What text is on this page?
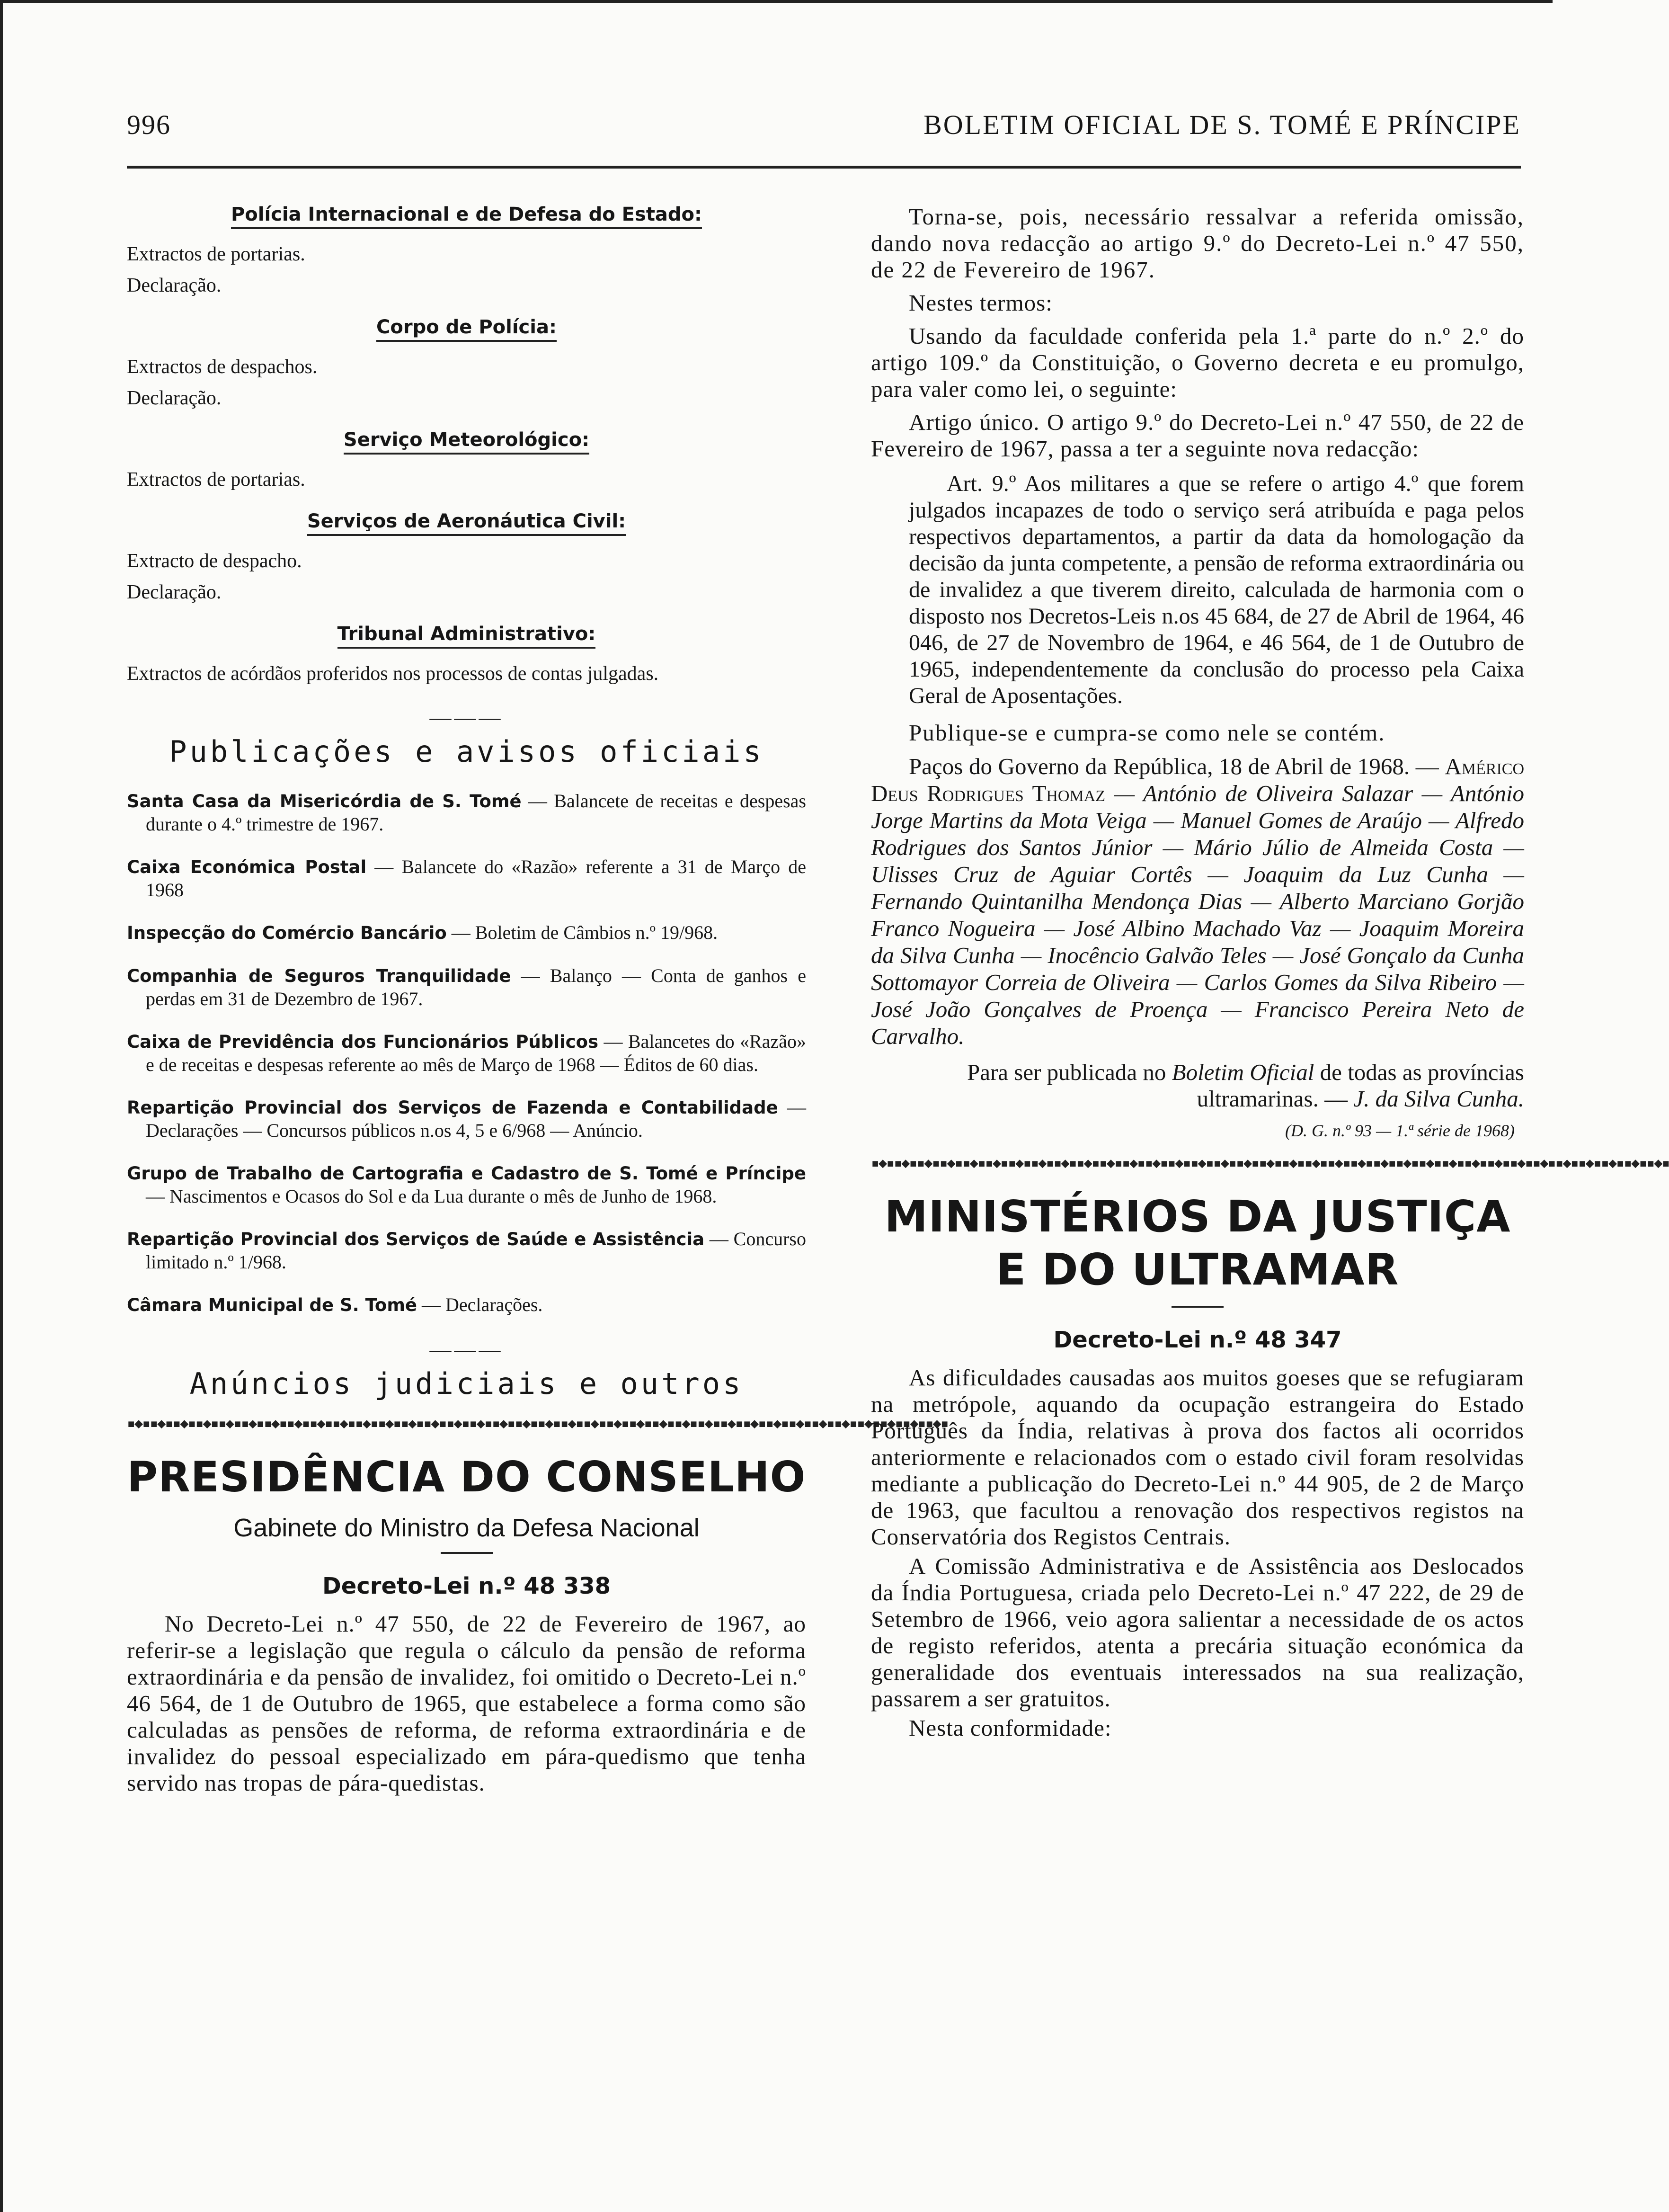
996	BOLETIM OFICIAL DE S. TOMÉ E PRÍNCIPE
Polícia Internacional e de Defesa do Estado:
Extractos de portarias.
Declaração.
Corpo de Polícia:
Extractos de despachos.
Declaração.
Serviço Meteorológico:
Extractos de portarias.
Serviços de Aeronáutica Civil:
Extracto de despacho.
Declaração.
Tribunal Administrativo:
Extractos de acórdãos proferidos nos processos de contas julgadas.
———
Publicações e avisos oficiais
Santa Casa da Misericórdia de S. Tomé — Balancete de receitas e despesas durante o 4.º trimestre de 1967.
Caixa Económica Postal — Balancete do «Razão» referente a 31 de Março de 1968
Inspecção do Comércio Bancário — Boletim de Câmbios n.º 19/968.
Companhia de Seguros Tranquilidade — Balanço — Conta de ganhos e perdas em 31 de Dezembro de 1967.
Caixa de Previdência dos Funcionários Públicos — Balancetes do «Razão» e de receitas e despesas referente ao mês de Março de 1968 — Éditos de 60 dias.
Repartição Provincial dos Serviços de Fazenda e Contabilidade — Declarações — Concursos públicos n.os 4, 5 e 6/968 — Anúncio.
Grupo de Trabalho de Cartografia e Cadastro de S. Tomé e Príncipe — Nascimentos e Ocasos do Sol e da Lua durante o mês de Junho de 1968.
Repartição Provincial dos Serviços de Saúde e Assistência — Concurso limitado n.º 1/968.
Câmara Municipal de S. Tomé — Declarações.
———
Anúncios judiciais e outros
▪◆▪▪◆▪▪◆▪▪◆▪▪◆▪▪◆▪▪◆▪▪◆▪▪◆▪▪◆▪▪◆▪▪◆▪▪◆▪▪◆▪▪◆▪▪◆▪▪◆▪▪◆▪▪◆▪▪◆▪▪◆▪▪◆▪▪◆▪▪◆▪▪◆▪▪◆▪▪◆▪▪◆▪▪◆▪▪◆▪▪◆▪▪◆▪▪◆▪▪◆▪▪◆▪▪◆▪
PRESIDÊNCIA DO CONSELHO
Gabinete do Ministro da Defesa Nacional
Decreto-Lei n.º 48 338
No Decreto-Lei n.º 47 550, de 22 de Fevereiro de 1967, ao referir-se a legislação que regula o cálculo da pensão de reforma extraordinária e da pensão de invalidez, foi omitido o Decreto-Lei n.º 46 564, de 1 de Outubro de 1965, que estabelece a forma como são calculadas as pensões de reforma, de reforma extraordinária e de invalidez do pessoal especializado em pára-quedismo que tenha servido nas tropas de pára-quedistas.
Torna-se, pois, necessário ressalvar a referida omissão, dando nova redacção ao artigo 9.º do Decreto-Lei n.º 47 550, de 22 de Fevereiro de 1967.
Nestes termos:
Usando da faculdade conferida pela 1.ª parte do n.º 2.º do artigo 109.º da Constituição, o Governo decreta e eu promulgo, para valer como lei, o seguinte:
Artigo único. O artigo 9.º do Decreto-Lei n.º 47 550, de 22 de Fevereiro de 1967, passa a ter a seguinte nova redacção:
Art. 9.º Aos militares a que se refere o artigo 4.º que forem julgados incapazes de todo o serviço será atribuída e paga pelos respectivos departamentos, a partir da data da homologação da decisão da junta competente, a pensão de reforma extraordinária ou de invalidez a que tiverem direito, calculada de harmonia com o disposto nos Decretos-Leis n.os 45 684, de 27 de Abril de 1964, 46 046, de 27 de Novembro de 1964, e 46 564, de 1 de Outubro de 1965, independentemente da conclusão do processo pela Caixa Geral de Aposentações.
Publique-se e cumpra-se como nele se contém.
Paços do Governo da República, 18 de Abril de 1968. — Américo Deus Rodrigues Thomaz — António de Oliveira Salazar — António Jorge Martins da Mota Veiga — Manuel Gomes de Araújo — Alfredo Rodrigues dos Santos Júnior — Mário Júlio de Almeida Costa — Ulisses Cruz de Aguiar Cortês — Joaquim da Luz Cunha — Fernando Quintanilha Mendonça Dias — Alberto Marciano Gorjão Franco Nogueira — José Albino Machado Vaz — Joaquim Moreira da Silva Cunha — Inocêncio Galvão Teles — José Gonçalo da Cunha Sottomayor Correia de Oliveira — Carlos Gomes da Silva Ribeiro — José João Gonçalves de Proença — Francisco Pereira Neto de Carvalho.
Para ser publicada no Boletim Oficial de todas as províncias ultramarinas. — J. da Silva Cunha.
(D. G. n.º 93 — 1.ª série de 1968)
▪◆▪▪◆▪▪◆▪▪◆▪▪◆▪▪◆▪▪◆▪▪◆▪▪◆▪▪◆▪▪◆▪▪◆▪▪◆▪▪◆▪▪◆▪▪◆▪▪◆▪▪◆▪▪◆▪▪◆▪▪◆▪▪◆▪▪◆▪▪◆▪▪◆▪▪◆▪▪◆▪▪◆▪▪◆▪▪◆▪▪◆▪▪◆▪▪◆▪▪◆▪▪◆▪
MINISTÉRIOS DA JUSTIÇA
E DO ULTRAMAR
Decreto-Lei n.º 48 347
As dificuldades causadas aos muitos goeses que se refugiaram na metrópole, aquando da ocupação estrangeira do Estado Português da Índia, relativas à prova dos factos ali ocorridos anteriormente e relacionados com o estado civil foram resolvidas mediante a publicação do Decreto-Lei n.º 44 905, de 2 de Março de 1963, que facultou a renovação dos respectivos registos na Conservatória dos Registos Centrais.
A Comissão Administrativa e de Assistência aos Deslocados da Índia Portuguesa, criada pelo Decreto-Lei n.º 47 222, de 29 de Setembro de 1966, veio agora salientar a necessidade de os actos de registo referidos, atenta a precária situação económica da generalidade dos eventuais interessados na sua realização, passarem a ser gratuitos.
Nesta conformidade:
